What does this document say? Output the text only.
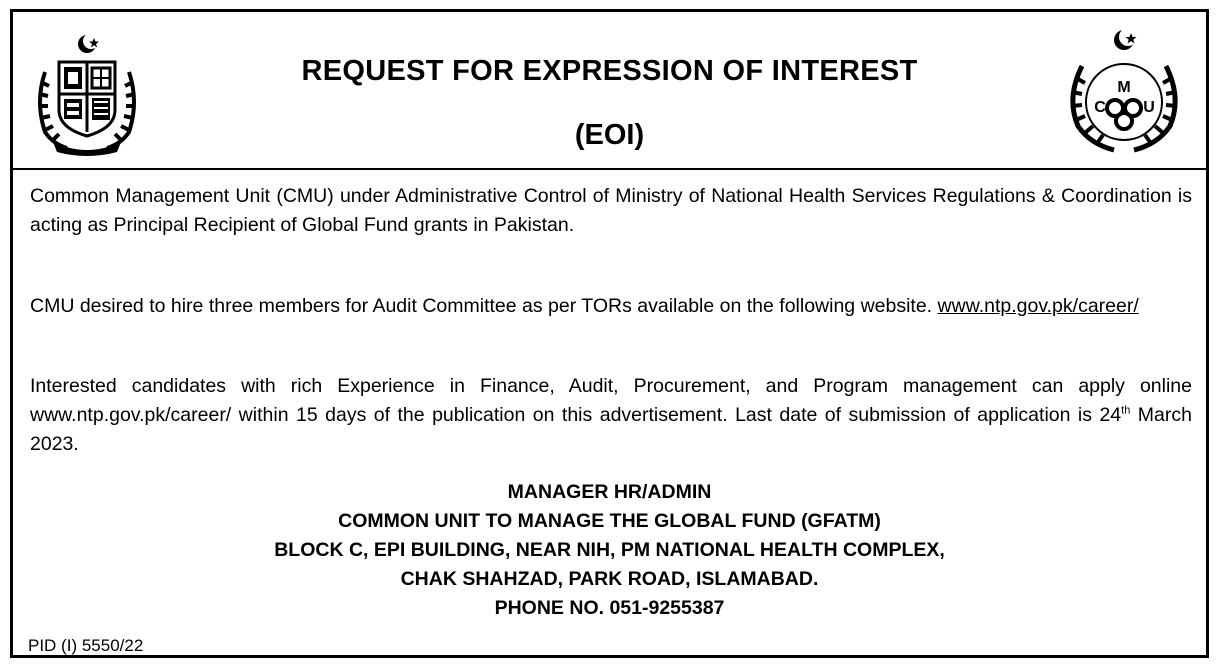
REQUEST FOR EXPRESSION OF INTEREST
(EOI)
M
C U
Common Management Unit (CMU) under Administrative Control of Ministry of National Health Services Regulations & Coordination is acting as Principal Recipient of Global Fund grants in Pakistan.
CMU desired to hire three members for Audit Committee as per TORs available on the following website. www.ntp.gov.pk/career/
Interested candidates with rich Experience in Finance, Audit, Procurement, and Program management can apply online www.ntp.gov.pk/career/ within 15 days of the publication on this advertisement. Last date of submission of application is 24th March 2023.
MANAGER HR/ADMIN
COMMON UNIT TO MANAGE THE GLOBAL FUND (GFATM)
BLOCK C, EPI BUILDING, NEAR NIH, PM NATIONAL HEALTH COMPLEX,
CHAK SHAHZAD, PARK ROAD, ISLAMABAD.
PHONE NO. 051-9255387
PID (I) 5550/22
